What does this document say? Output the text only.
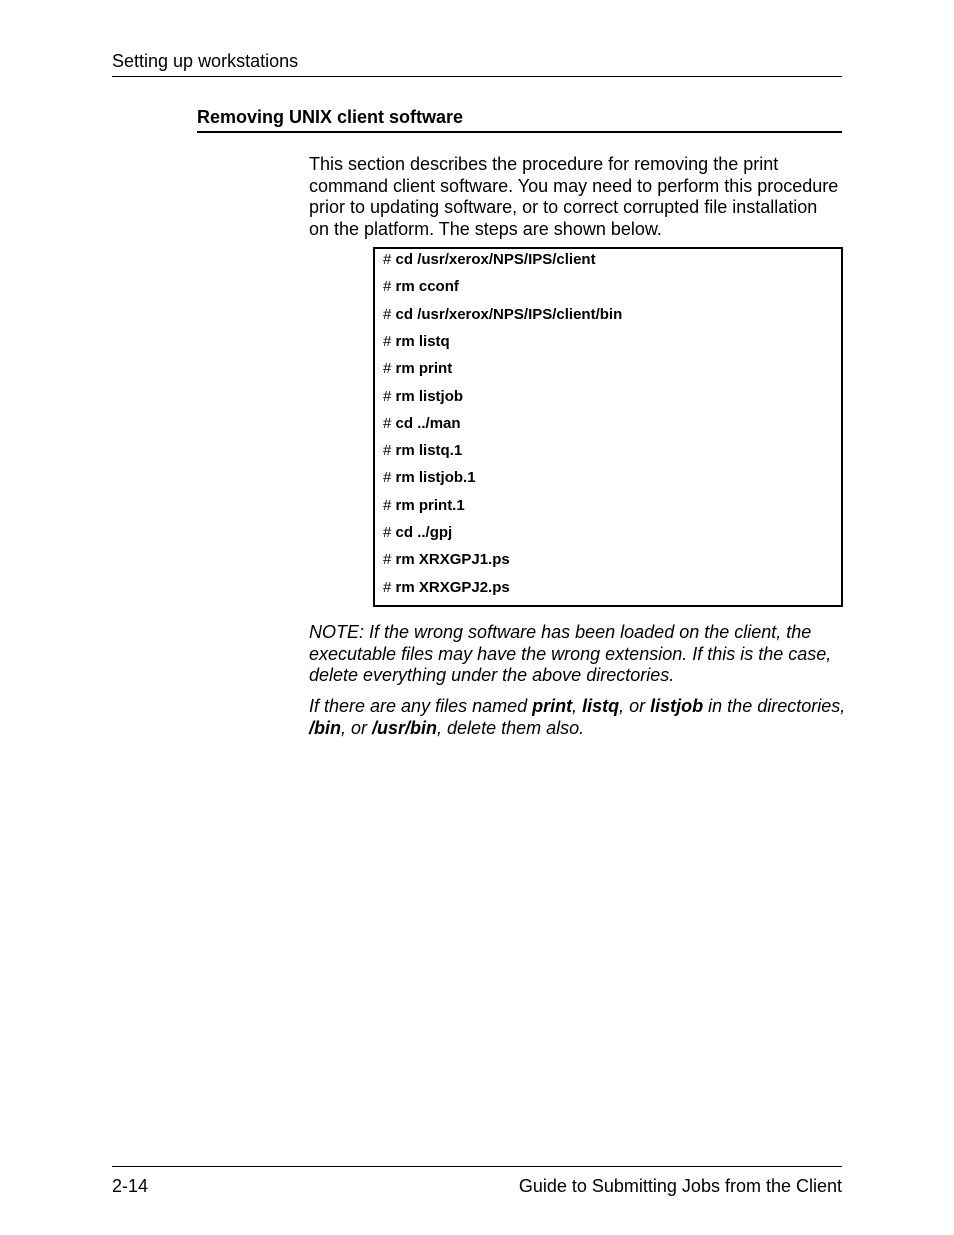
Setting up workstations
Removing UNIX client software

This section describes the procedure for removing the print command client software. You may need to perform this procedure prior to updating software, or to correct corrupted file installation on the platform. The steps are shown below.

# cd /usr/xerox/NPS/IPS/client
# rm cconf
# cd /usr/xerox/NPS/IPS/client/bin
# rm listq
# rm print
# rm listjob
# cd ../man
# rm listq.1
# rm listjob.1
# rm print.1
# cd ../gpj
# rm XRXGPJ1.ps
# rm XRXGPJ2.ps

NOTE: If the wrong software has been loaded on the client, the executable files may have the wrong extension. If this is the case, delete everything under the above directories.

If there are any files named print, listq, or listjob in the directories, /bin, or /usr/bin, delete them also.

2-14	Guide to Submitting Jobs from the Client
